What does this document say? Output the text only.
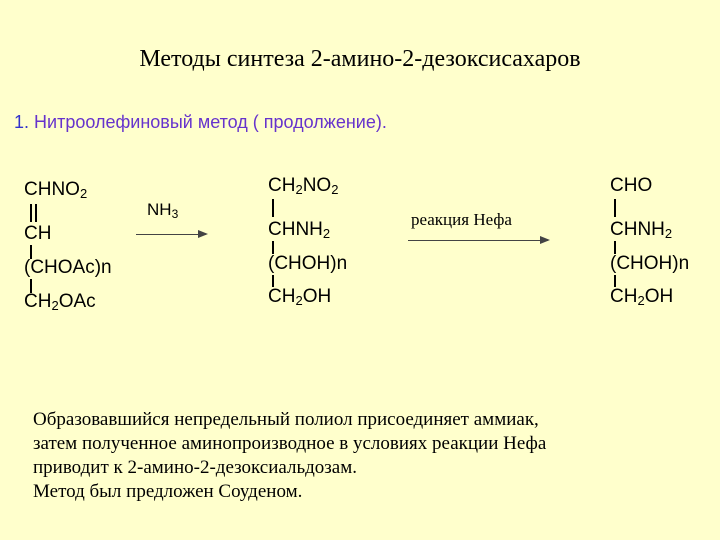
Методы синтеза 2-амино-2-дезоксисахаров
1. Нитроолефиновый метод ( продолжение).
$CHNO_2$
CH
(CHOAc)n
$CH_2OAc$
$NH_3$
$CH_2NO_2$
$CHNH_2$
(CHOH)n
$CH_2OH$
реакция Нефа
CHO
$CHNH_2$
(CHOH)n
$CH_2OH$
Образовавшийся непредельный полиол присоединяет аммиак,
затем полученное аминопроизводное в условиях реакции Нефа
приводит к 2-амино-2-дезоксиальдозам.
Метод был предложен Соуденом.
